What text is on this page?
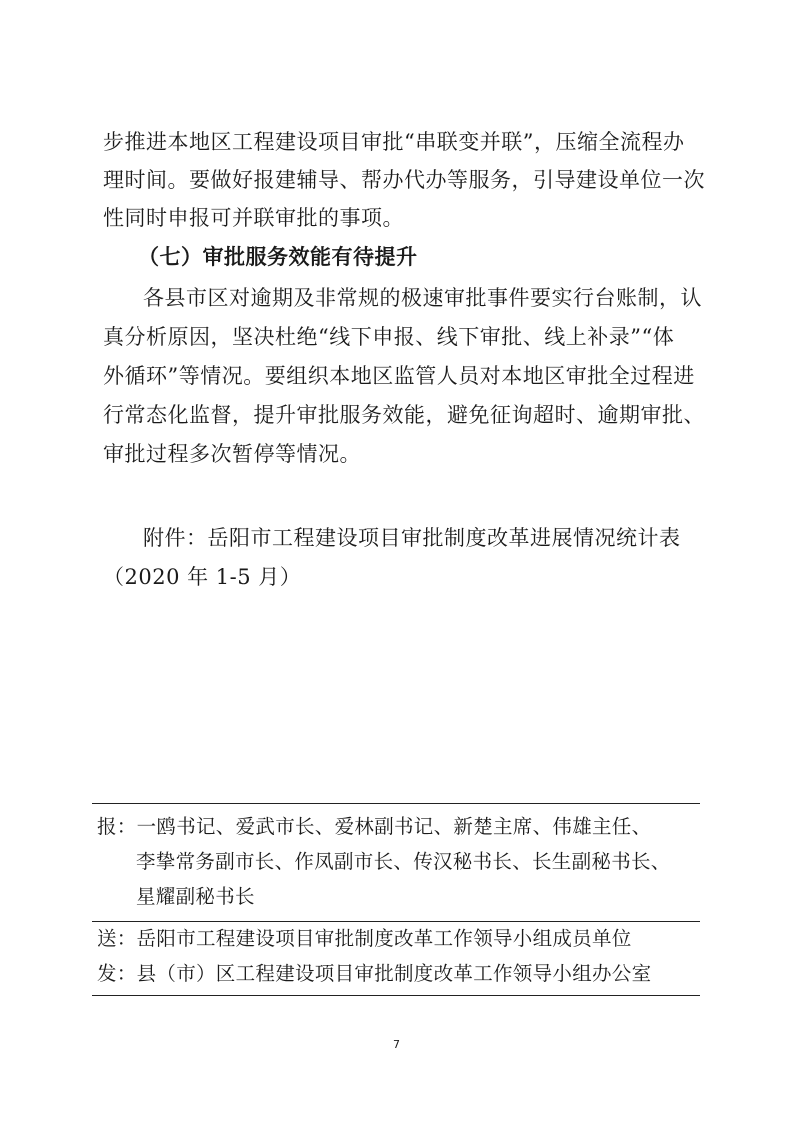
步推进本地区工程建设项目审批“串联变并联”，压缩全流程办
理时间。要做好报建辅导、帮办代办等服务，引导建设单位一次
性同时申报可并联审批的事项。
（七）审批服务效能有待提升
各县市区对逾期及非常规的极速审批事件要实行台账制，认
真分析原因，坚决杜绝“线下申报、线下审批、线上补录”“体
外循环”等情况。要组织本地区监管人员对本地区审批全过程进
行常态化监督，提升审批服务效能，避免征询超时、逾期审批、
审批过程多次暂停等情况。
附件：岳阳市工程建设项目审批制度改革进展情况统计表
（2020 年 1-5 月）
报：一鸥书记、爱武市长、爱林副书记、新楚主席、伟雄主任、
李挚常务副市长、作凤副市长、传汉秘书长、长生副秘书长、
星耀副秘书长
送：岳阳市工程建设项目审批制度改革工作领导小组成员单位
发：县（市）区工程建设项目审批制度改革工作领导小组办公室
7
